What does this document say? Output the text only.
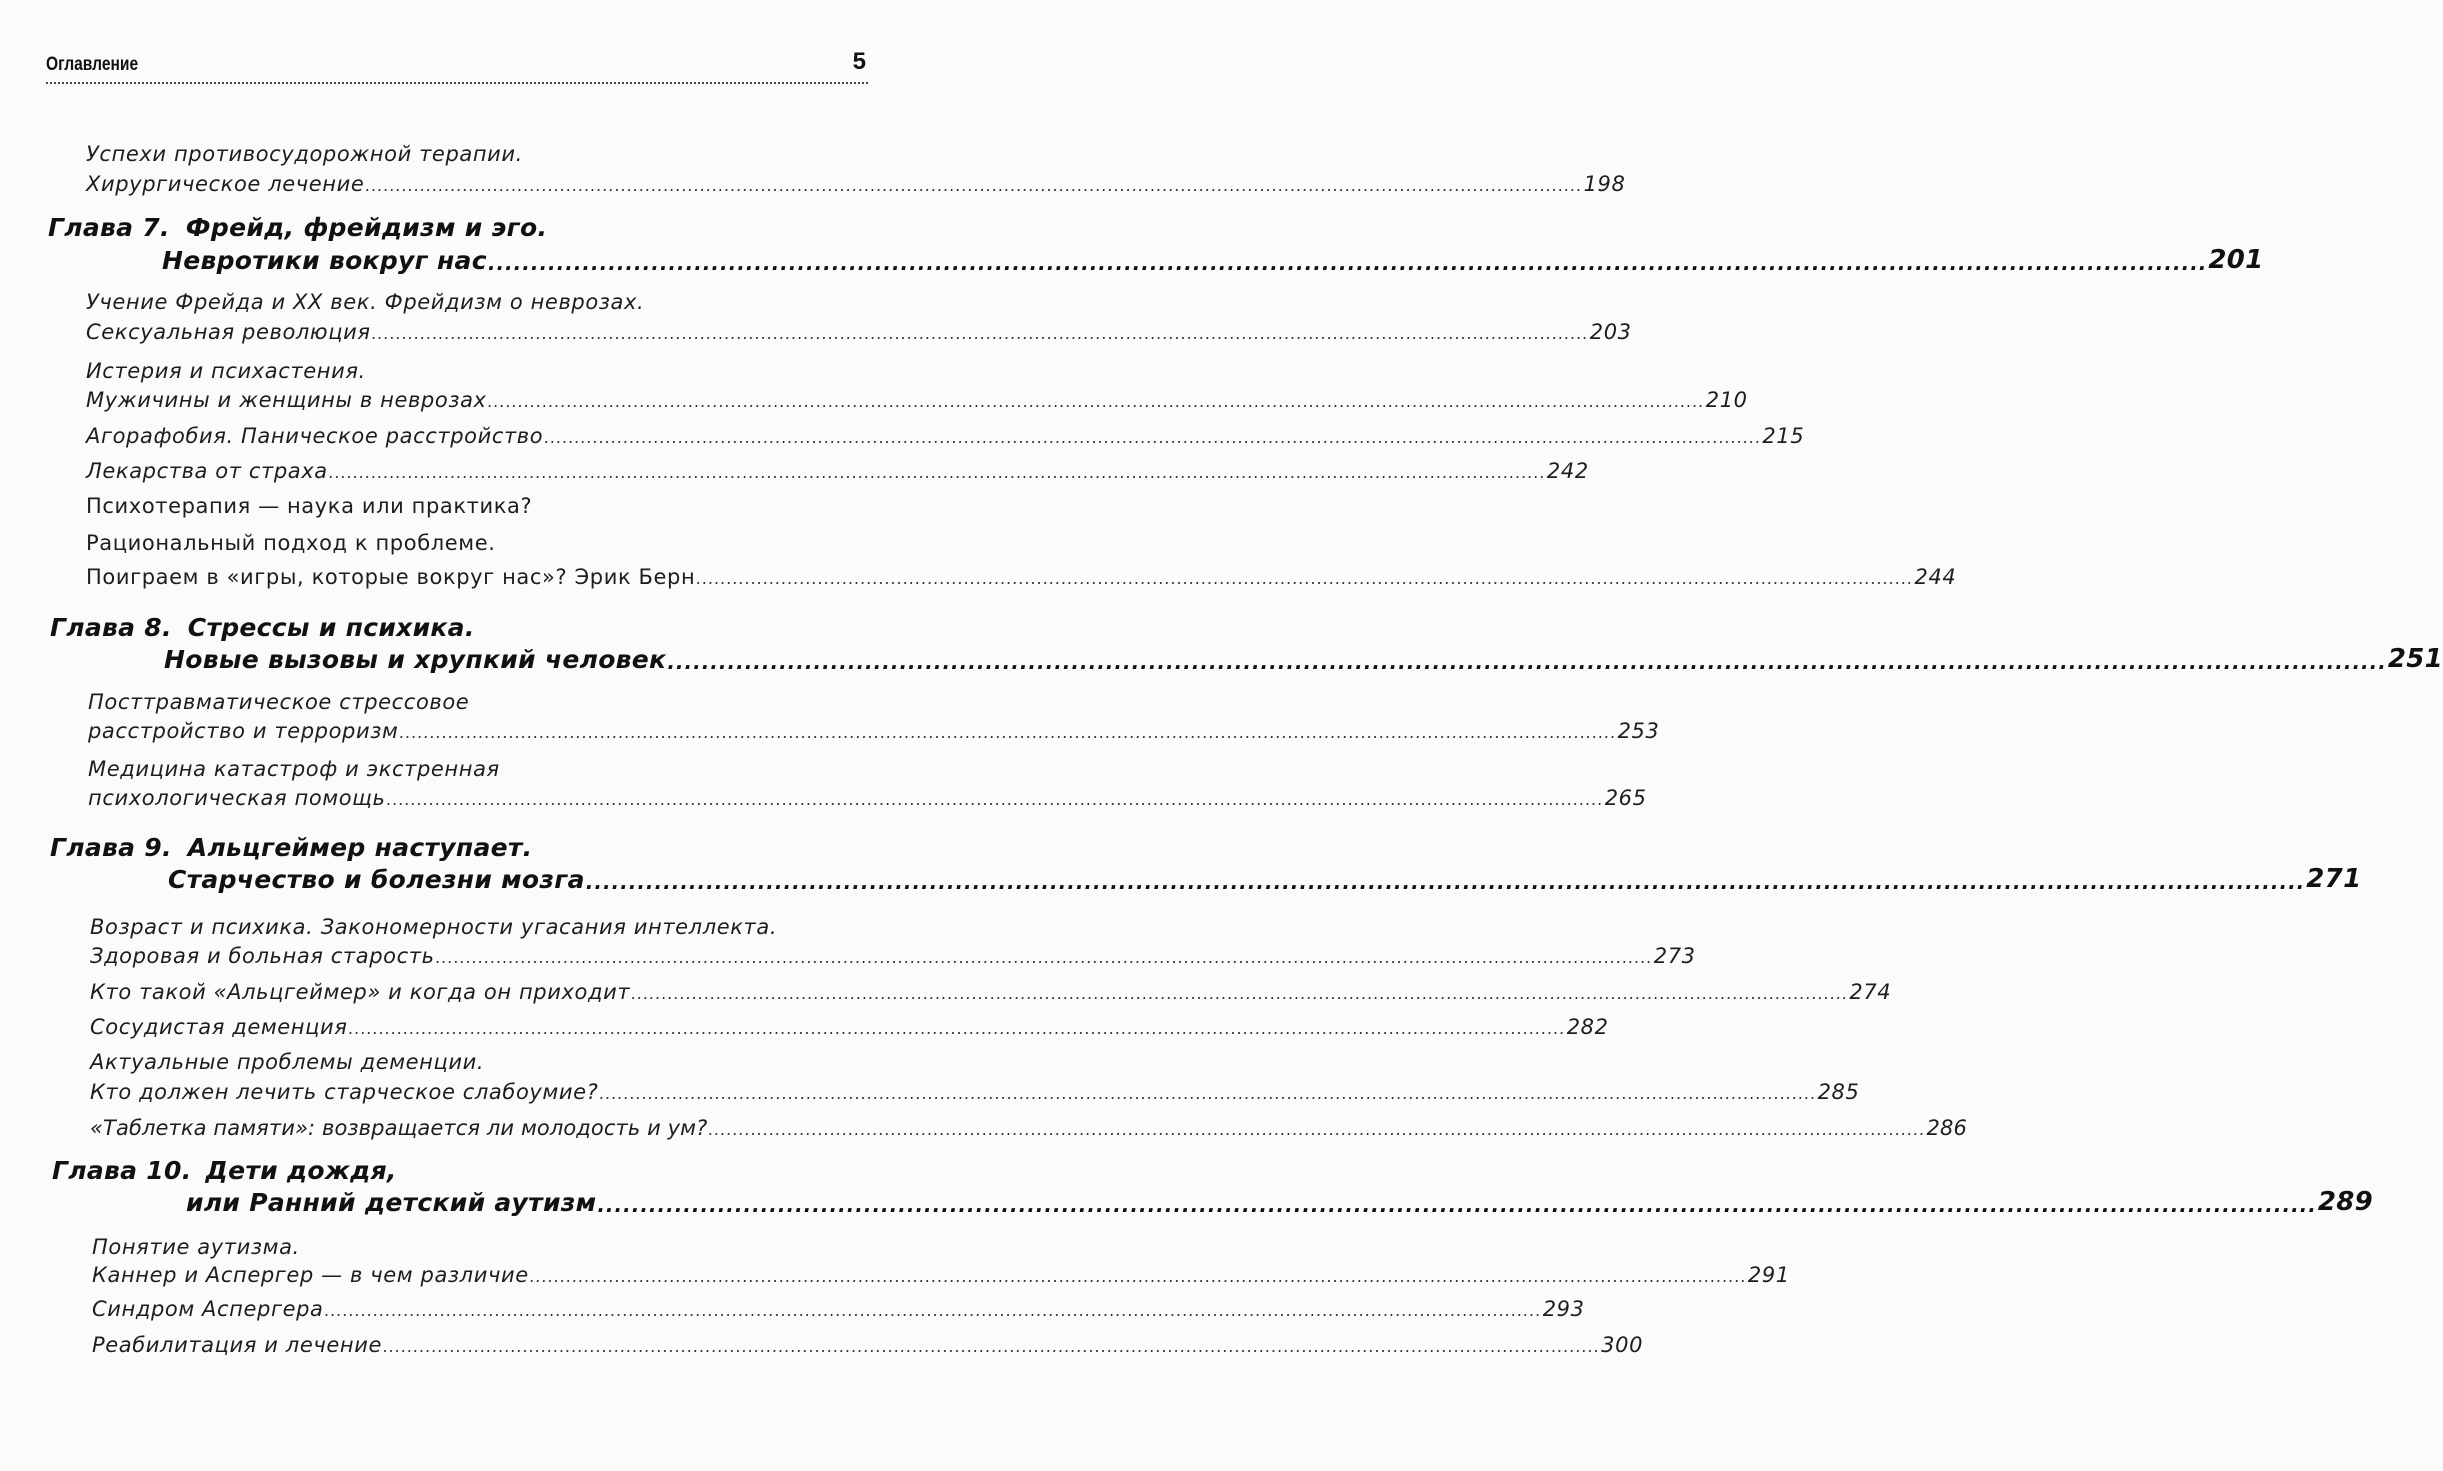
Оглавление	5
Успехи противосудорожной терапии.
Хирургическое лечение ........................................................................................................................................................................................................ 198
Глава 7. Фрейд, фрейдизм и эго.
Невротики вокруг нас ........................................................................................................................................................................................................ 201
Учение Фрейда и XX век. Фрейдизм о неврозах.
Сексуальная революция ........................................................................................................................................................................................................ 203
Истерия и психастения.
Мужичины и женщины в неврозах ........................................................................................................................................................................................................ 210
Агорафобия. Паническое расстройство ........................................................................................................................................................................................................ 215
Лекарства от страха ........................................................................................................................................................................................................ 242
Психотерапия — наука или практика?
Рациональный подход к проблеме.
Поиграем в «игры, которые вокруг нас»? Эрик Берн ........................................................................................................................................................................................................ 244
Глава 8. Стрессы и психика.
Новые вызовы и хрупкий человек ........................................................................................................................................................................................................ 251
Посттравматическое стрессовое
расстройство и терроризм ........................................................................................................................................................................................................ 253
Медицина катастроф и экстренная
психологическая помощь ........................................................................................................................................................................................................ 265
Глава 9. Альцгеймер наступает.
Старчество и болезни мозга ........................................................................................................................................................................................................ 271
Возраст и психика. Закономерности угасания интеллекта.
Здоровая и больная старость ........................................................................................................................................................................................................ 273
Кто такой «Альцгеймер» и когда он приходит ........................................................................................................................................................................................................ 274
Сосудистая деменция ........................................................................................................................................................................................................ 282
Актуальные проблемы деменции.
Кто должен лечить старческое слабоумие? ........................................................................................................................................................................................................ 285
«Таблетка памяти»: возвращается ли молодость и ум? ........................................................................................................................................................................................................ 286
Глава 10. Дети дождя,
или Ранний детский аутизм ........................................................................................................................................................................................................ 289
Понятие аутизма.
Каннер и Аспергер — в чем различие ........................................................................................................................................................................................................ 291
Синдром Аспергера ........................................................................................................................................................................................................ 293
Реабилитация и лечение ........................................................................................................................................................................................................ 300
